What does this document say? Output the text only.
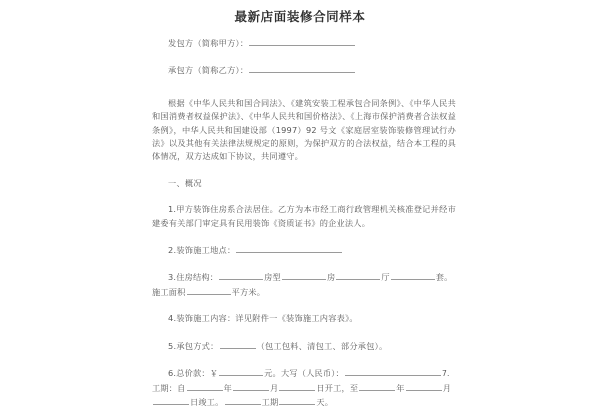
最新店面装修合同样本
发包方（简称甲方）：
承包方（简称乙方）：
根据《中华人民共和国合同法》、《建筑安装工程承包合同条例》、《中华人民共和国消费者权益保护法》、《中华人民共和国价格法》、《上海市保护消费者合法权益条例》，中华人民共和国建设部（1997）92 号文《家庭居室装饰装修管理试行办法》以及其他有关法律法规规定的原则，为保护双方的合法权益，结合本工程的具体情况，双方达成如下协议，共同遵守。
一、概况
1.甲方装饰住房系合法居住。乙方为本市经工商行政管理机关核准登记并经市建委有关部门审定具有民用装饰《资质证书》的企业法人。
2.装饰施工地点：
3.住房结构：	房型	房	厅	套。施工面积	平方米。
4.装饰施工内容：详见附件一《装饰施工内容表》。
5.承包方式：	（包工包料、清包工、部分承包）。
6.总价款：￥	元。大写（人民币）：	7.工期：自	年	月	日开工，至	年	月日竣工。	工期	天。
